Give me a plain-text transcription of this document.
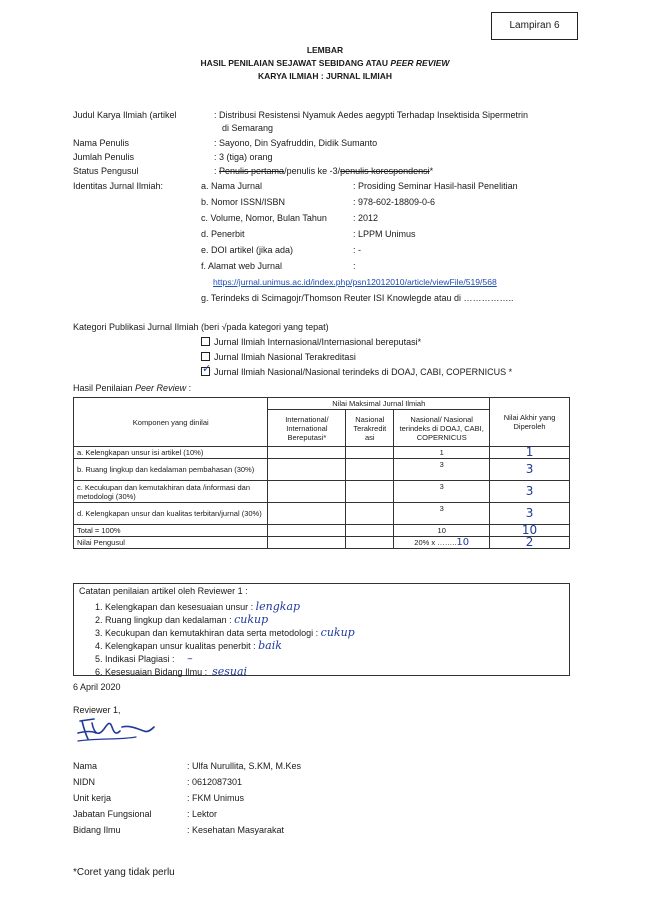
Lampiran 6
LEMBAR
HASIL PENILAIAN SEJAWAT SEBIDANG ATAU PEER REVIEW
KARYA ILMIAH : JURNAL ILMIAH
Judul Karya Ilmiah (artikel	: Distribusi Resistensi Nyamuk Aedes aegypti Terhadap Insektisida Sipermetrin
di Semarang
Nama Penulis	: Sayono, Din Syafruddin, Didik Sumanto
Jumlah Penulis	: 3 (tiga) orang
Status Pengusul	: Penulis pertama/penulis ke -3/penulis korespondensi*
Identitas Jurnal Ilmiah:	a. Nama Jurnal	: Prosiding Seminar Hasil-hasil Penelitian
b. Nomor ISSN/ISBN	: 978-602-18809-0-6
c. Volume, Nomor, Bulan Tahun	: 2012
d. Penerbit	: LPPM Unimus
e. DOI artikel (jika ada)	: -
f. Alamat web Jurnal	:
https://jurnal.unimus.ac.id/index.php/psn12012010/article/viewFile/519/568
g. Terindeks di Scimagojr/Thomson Reuter ISI Knowlegde atau di ……………..
Kategori Publikasi Jurnal Ilmiah (beri √pada kategori yang tepat)
Jurnal Ilmiah Internasional/Internasional bereputasi*
Jurnal Ilmiah Nasional Terakreditasi
✓Jurnal Ilmiah Nasional/Nasional terindeks di DOAJ, CABI, COPERNICUS *
Hasil Penilaian Peer Review :
Komponen yang dinilai	Nilai Maksimal Jurnal Ilmiah			Nilai Akhir yang Diperoleh
	International/ International Bereputasi*	Nasional Terakredit asi	Nasional/ Nasional terindeks di DOAJ, CABI, COPERNICUS	
a. Kelengkapan unsur isi artikel (10%)			1	1
b. Ruang lingkup dan kedalaman pembahasan (30%)			3	3
c. Kecukupan dan kemutakhiran data /informasi dan metodologi (30%)			3	3
d. Kelengkapan unsur dan kualitas terbitan/jurnal (30%)			3	3
Total = 100%			10	10
Nilai Pengusul			20% x ……..10	2
Catatan penilaian artikel oleh Reviewer 1 :
1. Kelengkapan dan kesesuaian unsur : lengkap
2. Ruang lingkup dan kedalaman : cukup
3. Kecukupan dan kemutakhiran data serta metodologi : cukup
4. Kelengkapan unsur kualitas penerbit : baik
5. Indikasi Plagiasi : –
6. Kesesuaian Bidang Ilmu : sesuai
6 April 2020
Reviewer 1,
Nama	: Ulfa Nurullita, S.KM, M.Kes
NIDN	: 0612087301
Unit kerja	: FKM Unimus
Jabatan Fungsional	: Lektor
Bidang Ilmu	: Kesehatan Masyarakat
*Coret yang tidak perlu
